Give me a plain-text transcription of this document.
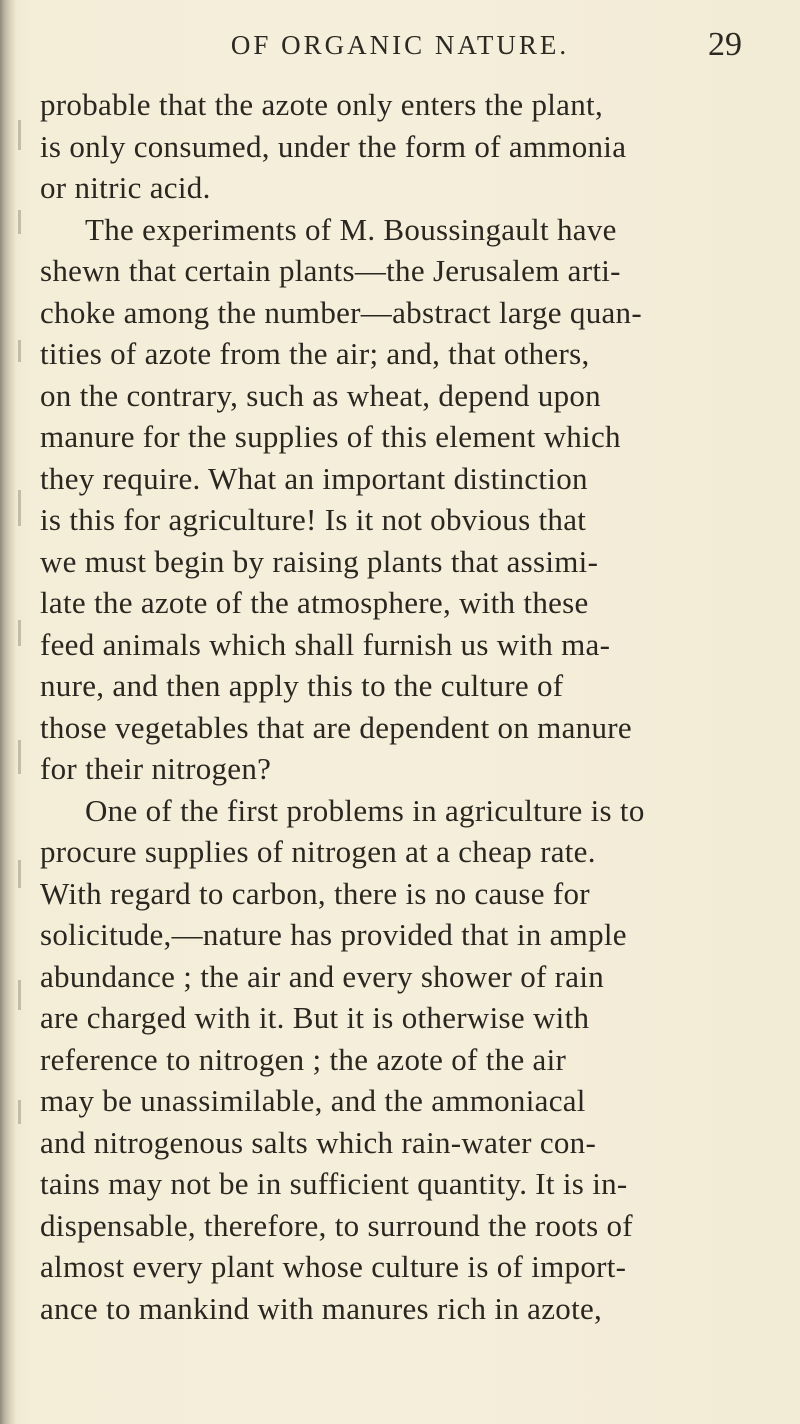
OF ORGANIC NATURE.	29
probable that the azote only enters the plant,
is only consumed, under the form of ammonia
or nitric acid.
The experiments of M. Boussingault have
shewn that certain plants—the Jerusalem arti-
choke among the number—abstract large quan-
tities of azote from the air; and, that others,
on the contrary, such as wheat, depend upon
manure for the supplies of this element which
they require. What an important distinction
is this for agriculture! Is it not obvious that
we must begin by raising plants that assimi-
late the azote of the atmosphere, with these
feed animals which shall furnish us with ma-
nure, and then apply this to the culture of
those vegetables that are dependent on manure
for their nitrogen?
One of the first problems in agriculture is to
procure supplies of nitrogen at a cheap rate.
With regard to carbon, there is no cause for
solicitude,—nature has provided that in ample
abundance ; the air and every shower of rain
are charged with it. But it is otherwise with
reference to nitrogen ; the azote of the air
may be unassimilable, and the ammoniacal
and nitrogenous salts which rain-water con-
tains may not be in sufficient quantity. It is in-
dispensable, therefore, to surround the roots of
almost every plant whose culture is of import-
ance to mankind with manures rich in azote,
